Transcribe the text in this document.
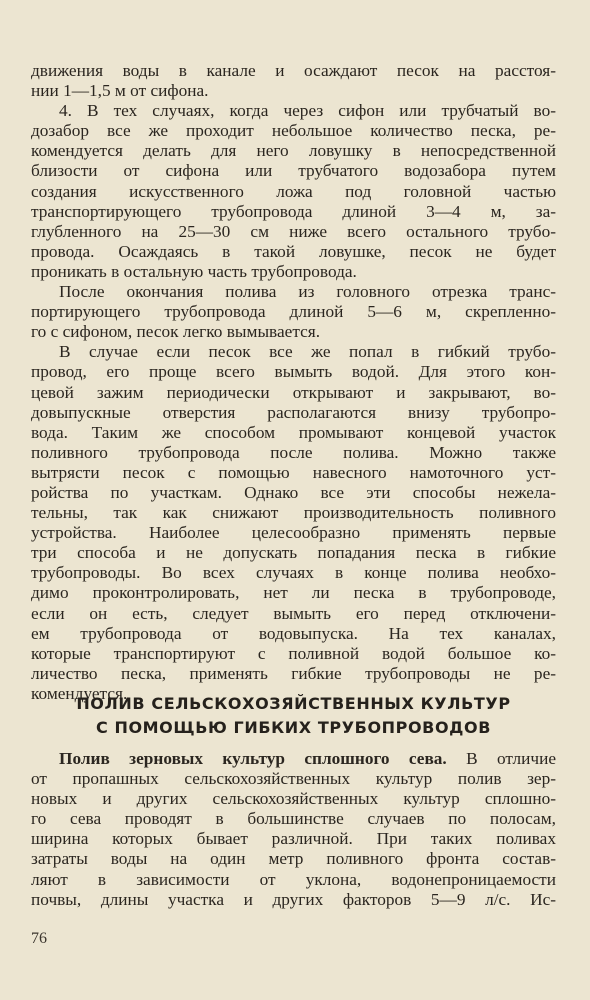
движения воды в канале и осаждают песок на расстоя-
нии 1—1,5 м от сифона.
4. В тех случаях, когда через сифон или трубчатый во-
дозабор все же проходит небольшое количество песка, ре-
комендуется делать для него ловушку в непосредственной
близости от сифона или трубчатого водозабора путем
создания искусственного ложа под головной частью
транспортирующего трубопровода длиной 3—4 м, за-
глубленного на 25—30 см ниже всего остального трубо-
провода. Осаждаясь в такой ловушке, песок не будет
проникать в остальную часть трубопровода.
После окончания полива из головного отрезка транс-
портирующего трубопровода длиной 5—6 м, скрепленно-
го с сифоном, песок легко вымывается.
В случае если песок все же попал в гибкий трубо-
провод, его проще всего вымыть водой. Для этого кон-
цевой зажим периодически открывают и закрывают, во-
довыпускные отверстия располагаются внизу трубопро-
вода. Таким же способом промывают концевой участок
поливного трубопровода после полива. Можно также
вытрясти песок с помощью навесного намоточного уст-
ройства по участкам. Однако все эти способы нежела-
тельны, так как снижают производительность поливного
устройства. Наиболее целесообразно применять первые
три способа и не допускать попадания песка в гибкие
трубопроводы. Во всех случаях в конце полива необхо-
димо проконтролировать, нет ли песка в трубопроводе,
если он есть, следует вымыть его перед отключени-
ем трубопровода от водовыпуска. На тех каналах,
которые транспортируют с поливной водой большое ко-
личество песка, применять гибкие трубопроводы не ре-
комендуется.
ПОЛИВ СЕЛЬСКОХОЗЯЙСТВЕННЫХ КУЛЬТУР
С ПОМОЩЬЮ ГИБКИХ ТРУБОПРОВОДОВ
Полив зерновых культур сплошного сева. В отличие
от пропашных сельскохозяйственных культур полив зер-
новых и других сельскохозяйственных культур сплошно-
го сева проводят в большинстве случаев по полосам,
ширина которых бывает различной. При таких поливах
затраты воды на один метр поливного фронта состав-
ляют в зависимости от уклона, водонепроницаемости
почвы, длины участка и других факторов 5—9 л/с. Ис-
76
